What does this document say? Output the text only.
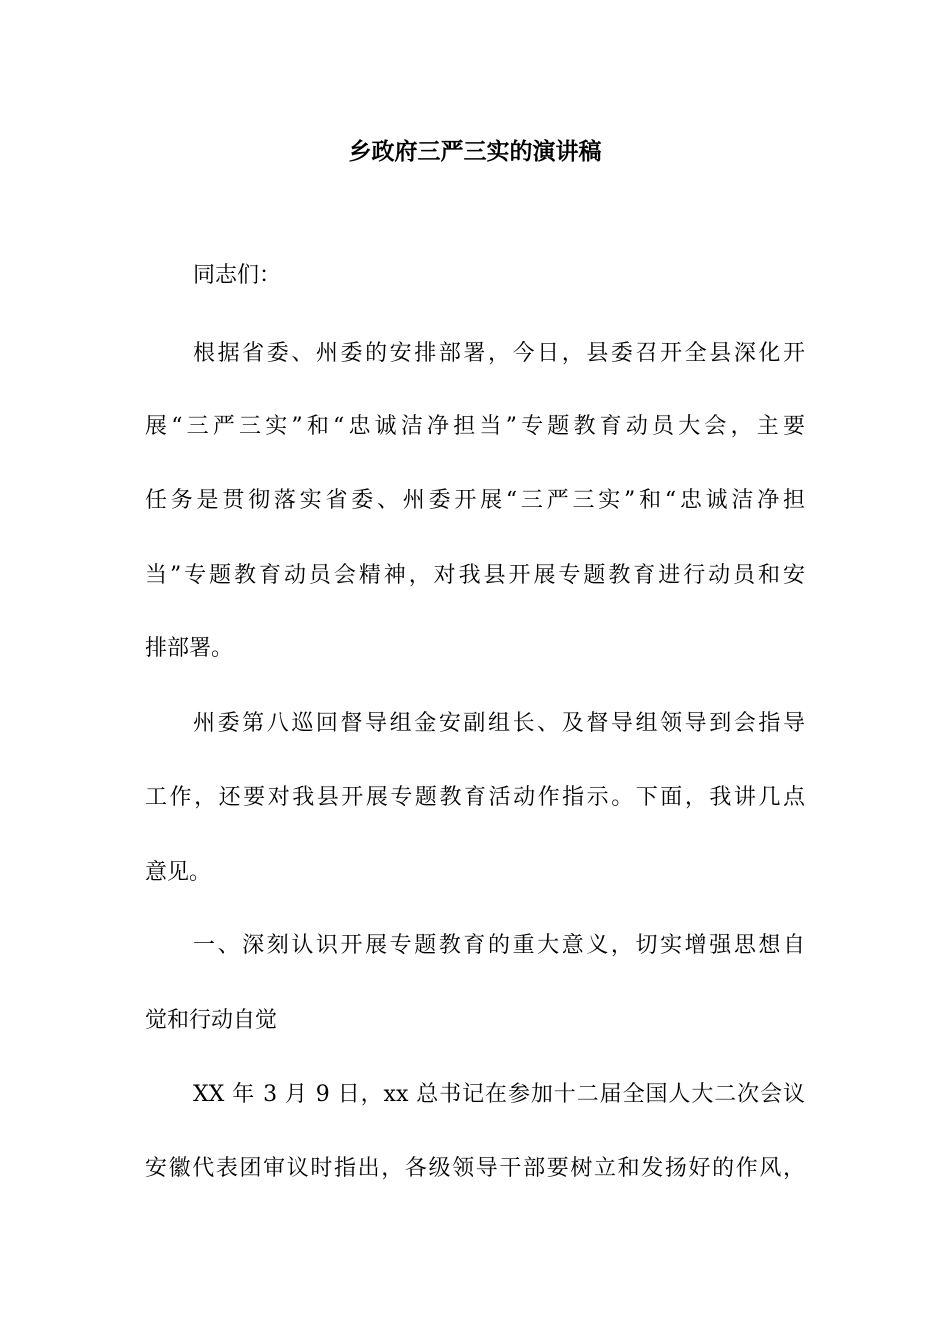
乡政府三严三实的演讲稿
同志们：
根据省委、州委的安排部署，今日，县委召开全县深化开
展“三严三实”和“忠诚洁净担当”专题教育动员大会，主要
任务是贯彻落实省委、州委开展“三严三实”和“忠诚洁净担
当”专题教育动员会精神，对我县开展专题教育进行动员和安
排部署。
州委第八巡回督导组金安副组长、及督导组领导到会指导
工作，还要对我县开展专题教育活动作指示。下面，我讲几点
意见。
一、深刻认识开展专题教育的重大意义，切实增强思想自
觉和行动自觉
XX 年 3 月 9 日，xx 总书记在参加十二届全国人大二次会议
安徽代表团审议时指出，各级领导干部要树立和发扬好的作风，
